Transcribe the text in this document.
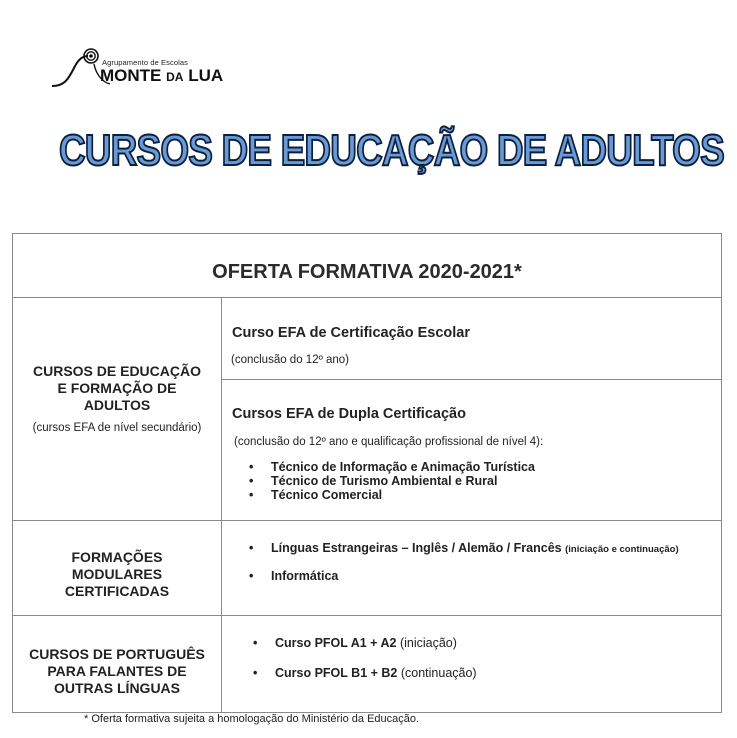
Agrupamento de Escolas
MONTE DA LUA
CURSOS DE EDUCAÇÃO DE ADULTOS
OFERTA FORMATIVA 2020-2021*
CURSOS DE EDUCAÇÃO
E FORMAÇÃO DE
ADULTOS
(cursos EFA de nível secundário)
Curso EFA de Certificação Escolar
(conclusão do 12º ano)
Cursos EFA de Dupla Certificação
(conclusão do 12º ano e qualificação profissional de nível 4):
• Técnico de Informação e Animação Turística
• Técnico de Turismo Ambiental e Rural
• Técnico Comercial
FORMAÇÕES
MODULARES
CERTIFICADAS
• Línguas Estrangeiras – Inglês / Alemão / Francês (iniciação e continuação)
• Informática
CURSOS DE PORTUGUÊS
PARA FALANTES DE
OUTRAS LÍNGUAS
• Curso PFOL A1 + A2 (iniciação)
• Curso PFOL B1 + B2 (continuação)
* Oferta formativa sujeita a homologação do Ministério da Educação.
